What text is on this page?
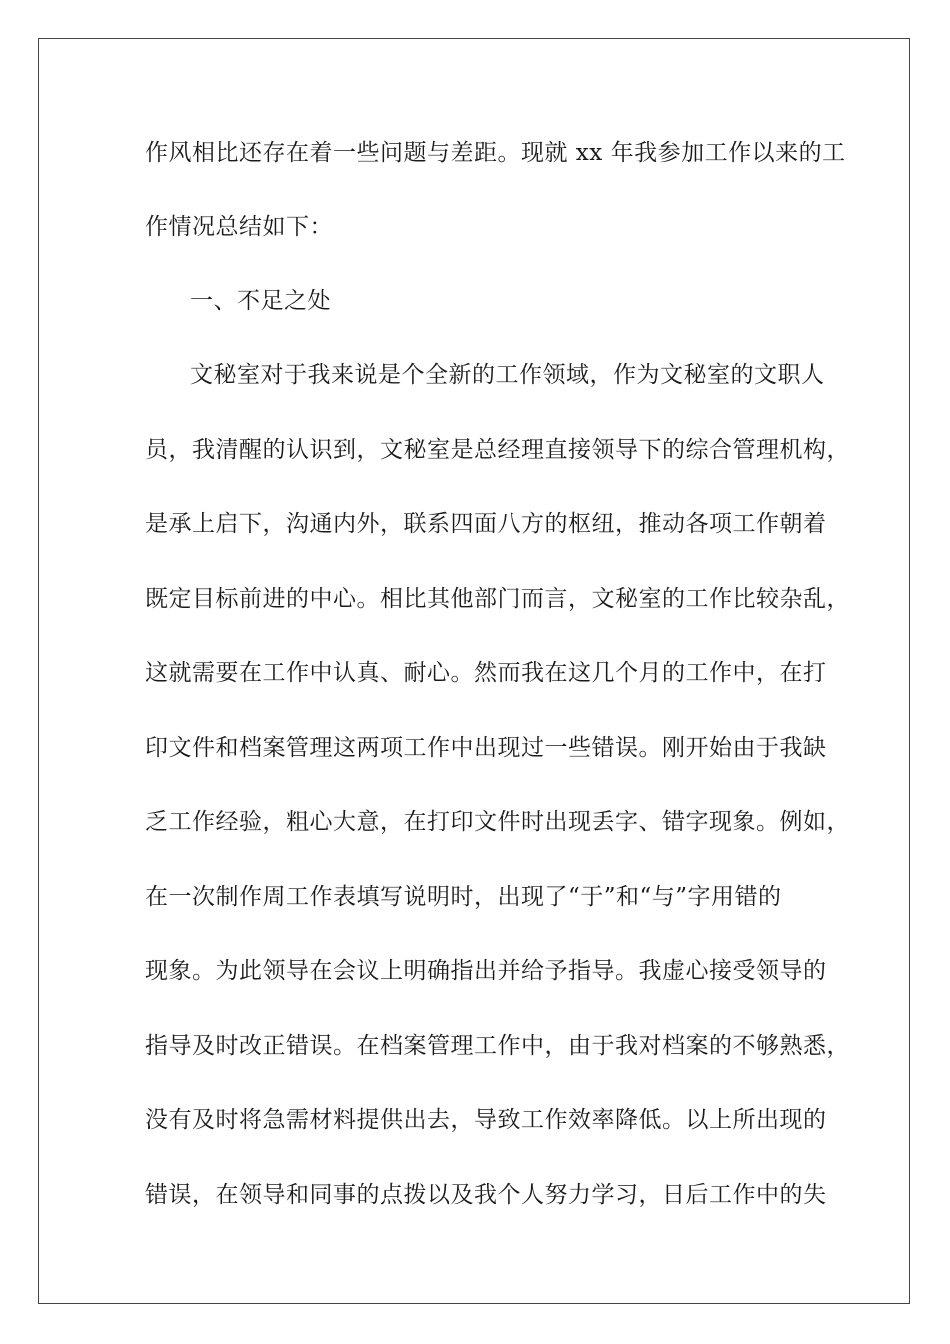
作风相比还存在着一些问题与差距。现就 xx 年我参加工作以来的工
作情况总结如下：
一、不足之处
文秘室对于我来说是个全新的工作领域，作为文秘室的文职人
员，我清醒的认识到，文秘室是总经理直接领导下的综合管理机构，
是承上启下，沟通内外，联系四面八方的枢纽，推动各项工作朝着
既定目标前进的中心。相比其他部门而言，文秘室的工作比较杂乱，
这就需要在工作中认真、耐心。然而我在这几个月的工作中，在打
印文件和档案管理这两项工作中出现过一些错误。刚开始由于我缺
乏工作经验，粗心大意，在打印文件时出现丢字、错字现象。例如，
在一次制作周工作表填写说明时，出现了“于”和“与”字用错的
现象。为此领导在会议上明确指出并给予指导。我虚心接受领导的
指导及时改正错误。在档案管理工作中，由于我对档案的不够熟悉，
没有及时将急需材料提供出去，导致工作效率降低。以上所出现的
错误，在领导和同事的点拨以及我个人努力学习，日后工作中的失
